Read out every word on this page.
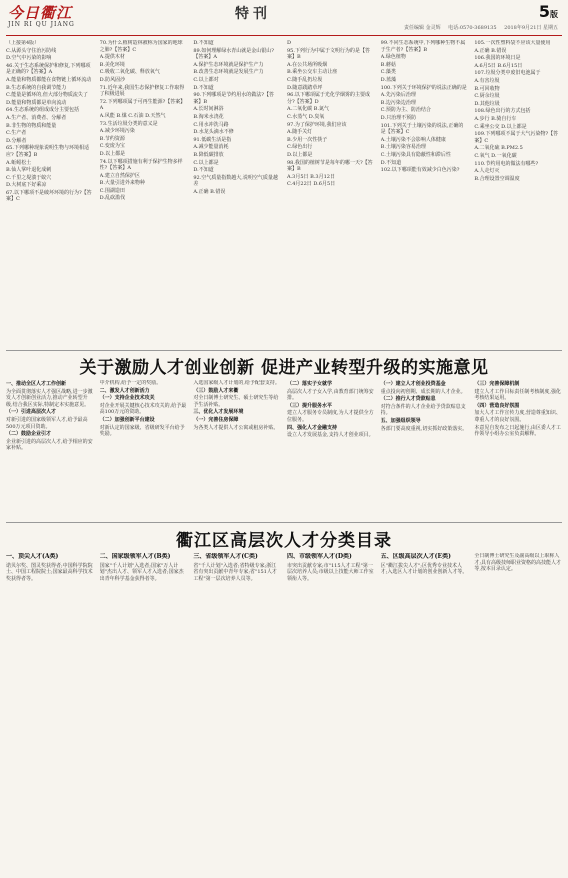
今日衢江
JIN RI QU JIANG
特刊	5版
责任编辑 金灵辉 电话:0570-3689135 2018年9月21日 星期五

（上接第4版）

C.从源头守住治污防线

D.空气中污染的影响

46.关于生态系统保护和修复,下列哪项是正确的?【答案】A

A.能量和物质都能在食物链上循环流动

B.生态系统的自我调节能力

C.能量是循环的,但大部分物质流失了

D.能量和物质都是单向流动

64.生态系统的组成成分主要包括

A.生产者、消费者、分解者

B.非生物的物质和能量

C.生产者

D.分解者

65.下列哪种现象说明生物与环境相适应?【答案】B

A.蚯蚓松土

B.仙人掌叶退化成刺

C.千里之堤溃于蚁穴

D.大树底下好乘凉

67.以下哪项不是破坏环境的行为?【答案】C

70.为什么植树造林被称为国家的地球之肺?【答案】C

A.提供木材

B.美化环境

C.吸收二氧化碳、释放氧气

D.防风固沙

71.近年来,我国生态保护修复工作取得了积极进展

72.下列哪项属于可再生能源?【答案】A

A.风能 B.煤 C.石油 D.天然气

73.生活垃圾分类的意义是

A.减少环境污染

B.节约资源

C.变废为宝

D.以上都是

74.以下哪项措施有利于保护生物多样性?【答案】A

A.建立自然保护区

B.大量引进外来物种

C.围湖造田

D.乱砍滥伐

D.不知道

89.如何理解绿水青山就是金山银山?【答案】A

A.保护生态环境就是保护生产力

B.改善生态环境就是发展生产力

C.以上都对

D.不知道

90.下列哪项是节约用水的做法?【答案】B

A.长时间淋浴

B.淘米水浇花

C.用水冲洗马路

D.水龙头滴水不修

91.低碳生活是指

A.减少能量消耗

B.降低碳排放

C.以上都是

D.不知道

92.空气质量指数越大,说明空气质量越差

A.正确 B.错误

D

95.下列行为中属于文明行为的是【答案】B

A.在公共场所吸烟

B.乘坐公交车主动让座

C.随手乱扔垃圾

D.随意践踏草坪

96.以下哪项属于光化学烟雾的主要成分?【答案】D

A.二氧化碳 B.氮气

C.水蒸气 D.臭氧

97.为了保护环境,我们应该

A.随手关灯

B.少用一次性筷子

C.绿色出行

D.以上都是

98.我国的植树节是每年的哪一天?【答案】B

A.3月5日 B.3月12日

C.4月22日 D.6月5日

99.不同生态系统中,下列哪种生物不属于生产者?【答案】B

A.绿色植物

B.蘑菇

C.藻类

D.蓝藻

100.下列关于环境保护的说法正确的是

A.先污染后治理

B.边污染边治理

C.预防为主、防治结合

D.只治理不预防

101.下列关于土壤污染的说法,正确的是【答案】C

A.土壤污染不会影响人体健康

B.土壤污染容易治理

C.土壤污染具有隐蔽性和滞后性

D.不知道

102.以下哪项能有效减少白色污染?

105.一次性塑料袋不应该大量使用

A.正确 B.错误

106.我国的环境日是

A.6月5日 B.6月15日

107.垃圾分类中废旧电池属于

A.有害垃圾

B.可回收物

C.厨余垃圾

D.其他垃圾

108.绿色出行的方式包括

A.步行 B.骑自行车

C.乘坐公交 D.以上都是

109.下列哪项不属于大气污染物?【答案】C

A.二氧化硫 B.PM2.5

C.氧气 D.一氧化碳

110.节约用电的做法有哪些?

A.人走灯灭

B.合理设置空调温度

关于激励人才创业创新 促进产业转型升级的实施意见
一、推动全区人才工作创新

为全面贯彻落实人才强区战略,进一步激发人才创新创业活力,推动产业转型升级,结合我区实际,特制定本实施意见。

（一）引进高层次人才

对新引进的国家级领军人才,给予最高500万元项目资助。

（二）鼓励企业引才

企业新引进的高层次人才,给予相应的安家补贴。

中介机构,给予一定的奖励。

二、激发人才创新活力
（一）支持企业技术攻关

对企业开展关键核心技术攻关的,给予最高100万元的资助。

（二）加强创新平台建设

对新认定的国家级、省级研发平台给予奖励。

入选国家级人才计划的,给予配套支持。

（三）鼓励人才来衢

对全日制博士研究生、硕士研究生等给予生活补贴。

三、优化人才发展环境
（一）完善住房保障

为各类人才提供人才公寓或租房补贴。

（二）落实子女就学

高层次人才子女入学,由教育部门统筹安排。

（三）提升服务水平

建立人才服务专员制度,为人才提供全方位服务。

四、强化人才金融支持

设立人才发展基金,支持人才创业项目。

（一）建立人才创业投资基金

重点投向初创期、成长期的人才企业。

（二）推行人才贷款贴息

对符合条件的人才企业给予贷款贴息支持。

五、加强组织领导

各部门要高度重视,切实抓好政策落实。

（三）完善保障机制

建立人才工作目标责任制考核制度,强化考核结果运用。

（四）营造良好氛围

加大人才工作宣传力度,营造尊重知识、尊重人才的良好氛围。

本意见自发布之日起施行,由区委人才工作领导小组办公室负责解释。

衢江区高层次人才分类目录
一、顶尖人才(A类)

诺贝尔奖、图灵奖获得者;中国科学院院士、中国工程院院士;国家最高科学技术奖获得者等。

二、国家级领军人才(B类)

国家"千人计划"入选者;国家"万人计划"杰出人才、领军人才入选者;国家杰出青年科学基金获得者等。

三、省级领军人才(C类)

省"千人计划"入选者;省特级专家;浙江省有突出贡献中青年专家;省"151人才工程"第一层次培养人员等。

四、市级领军人才(D类)

市突出贡献专家;市"115人才工程"第一层次培养人员;市级以上技能大师工作室领衔人等。

五、区级高层次人才(E类)

区"衢江拔尖人才";区优秀专业技术人才;入选区人才计划的创业创新人才等。

全日制博士研究生及副高级以上职称人才;具有高级技师职业资格的高技能人才等,按本目录认定。
